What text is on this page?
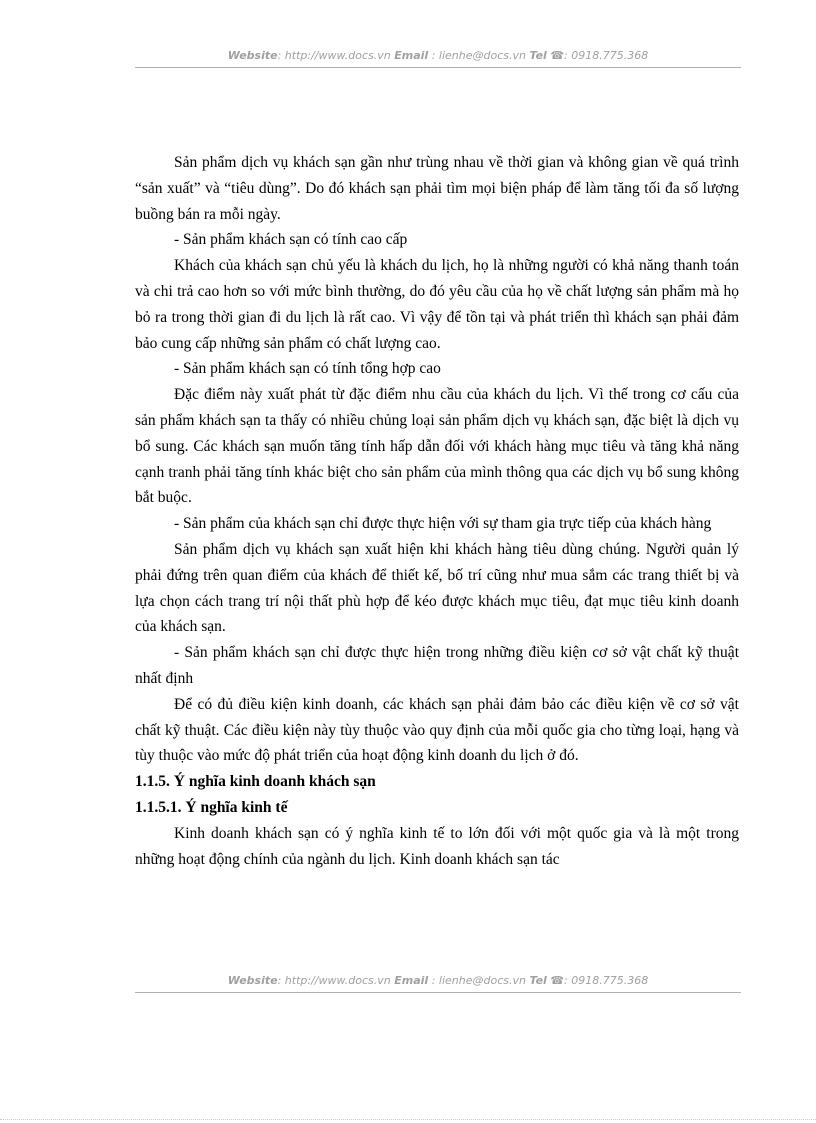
Website: http://www.docs.vn Email : lienhe@docs.vn Tel ☎: 0918.775.368

Sản phẩm dịch vụ khách sạn gần như trùng nhau về thời gian và không gian về quá trình “sản xuất” và “tiêu dùng”. Do đó khách sạn phải tìm mọi biện pháp để làm tăng tối đa số lượng buồng bán ra mỗi ngày.

- Sản phẩm khách sạn có tính cao cấp

Khách của khách sạn chủ yếu là khách du lịch, họ là những người có khả năng thanh toán và chi trả cao hơn so với mức bình thường, do đó yêu cầu của họ về chất lượng sản phẩm mà họ bỏ ra trong thời gian đi du lịch là rất cao. Vì vậy để tồn tại và phát triển thì khách sạn phải đảm bảo cung cấp những sản phẩm có chất lượng cao.

- Sản phẩm khách sạn có tính tổng hợp cao

Đặc điểm này xuất phát từ đặc điểm nhu cầu của khách du lịch. Vì thế trong cơ cấu của sản phẩm khách sạn ta thấy có nhiều chủng loại sản phẩm dịch vụ khách sạn, đặc biệt là dịch vụ bổ sung. Các khách sạn muốn tăng tính hấp dẫn đối với khách hàng mục tiêu và tăng khả năng cạnh tranh phải tăng tính khác biệt cho sản phẩm của mình thông qua các dịch vụ bổ sung không bắt buộc.

- Sản phẩm của khách sạn chỉ được thực hiện với sự tham gia trực tiếp của khách hàng

Sản phẩm dịch vụ khách sạn xuất hiện khi khách hàng tiêu dùng chúng. Người quản lý phải đứng trên quan điểm của khách để thiết kế, bố trí cũng như mua sắm các trang thiết bị và lựa chọn cách trang trí nội thất phù hợp để kéo được khách mục tiêu, đạt mục tiêu kinh doanh của khách sạn.

- Sản phẩm khách sạn chỉ được thực hiện trong những điều kiện cơ sở vật chất kỹ thuật nhất định

Để có đủ điều kiện kinh doanh, các khách sạn phải đảm bảo các điều kiện về cơ sở vật chất kỹ thuật. Các điều kiện này tùy thuộc vào quy định của mỗi quốc gia cho từng loại, hạng và tùy thuộc vào mức độ phát triển của hoạt động kinh doanh du lịch ở đó.

1.1.5. Ý nghĩa kinh doanh khách sạn

1.1.5.1. Ý nghĩa kinh tế

Kinh doanh khách sạn có ý nghĩa kinh tế to lớn đối với một quốc gia và là một trong những hoạt động chính của ngành du lịch. Kinh doanh khách sạn tác

Website: http://www.docs.vn Email : lienhe@docs.vn Tel ☎: 0918.775.368
